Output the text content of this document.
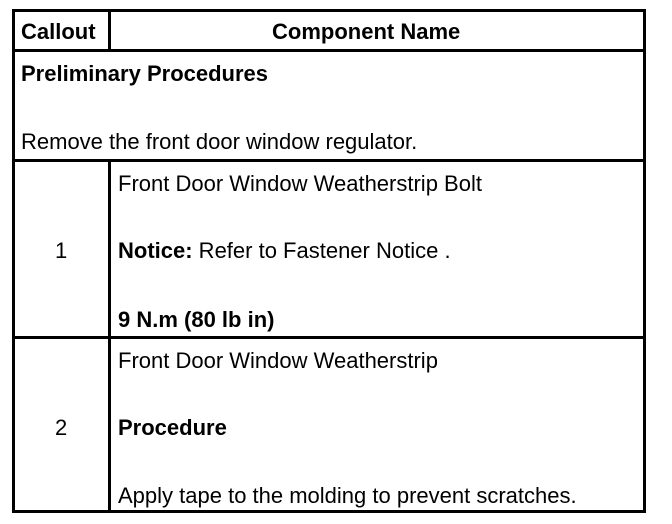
Callout	Component Name
Preliminary Procedures
Remove the front door window regulator.
1
Front Door Window Weatherstrip Bolt
Notice: Refer to Fastener Notice .
9 N.m (80 lb in)
2
Front Door Window Weatherstrip
Procedure
Apply tape to the molding to prevent scratches.
